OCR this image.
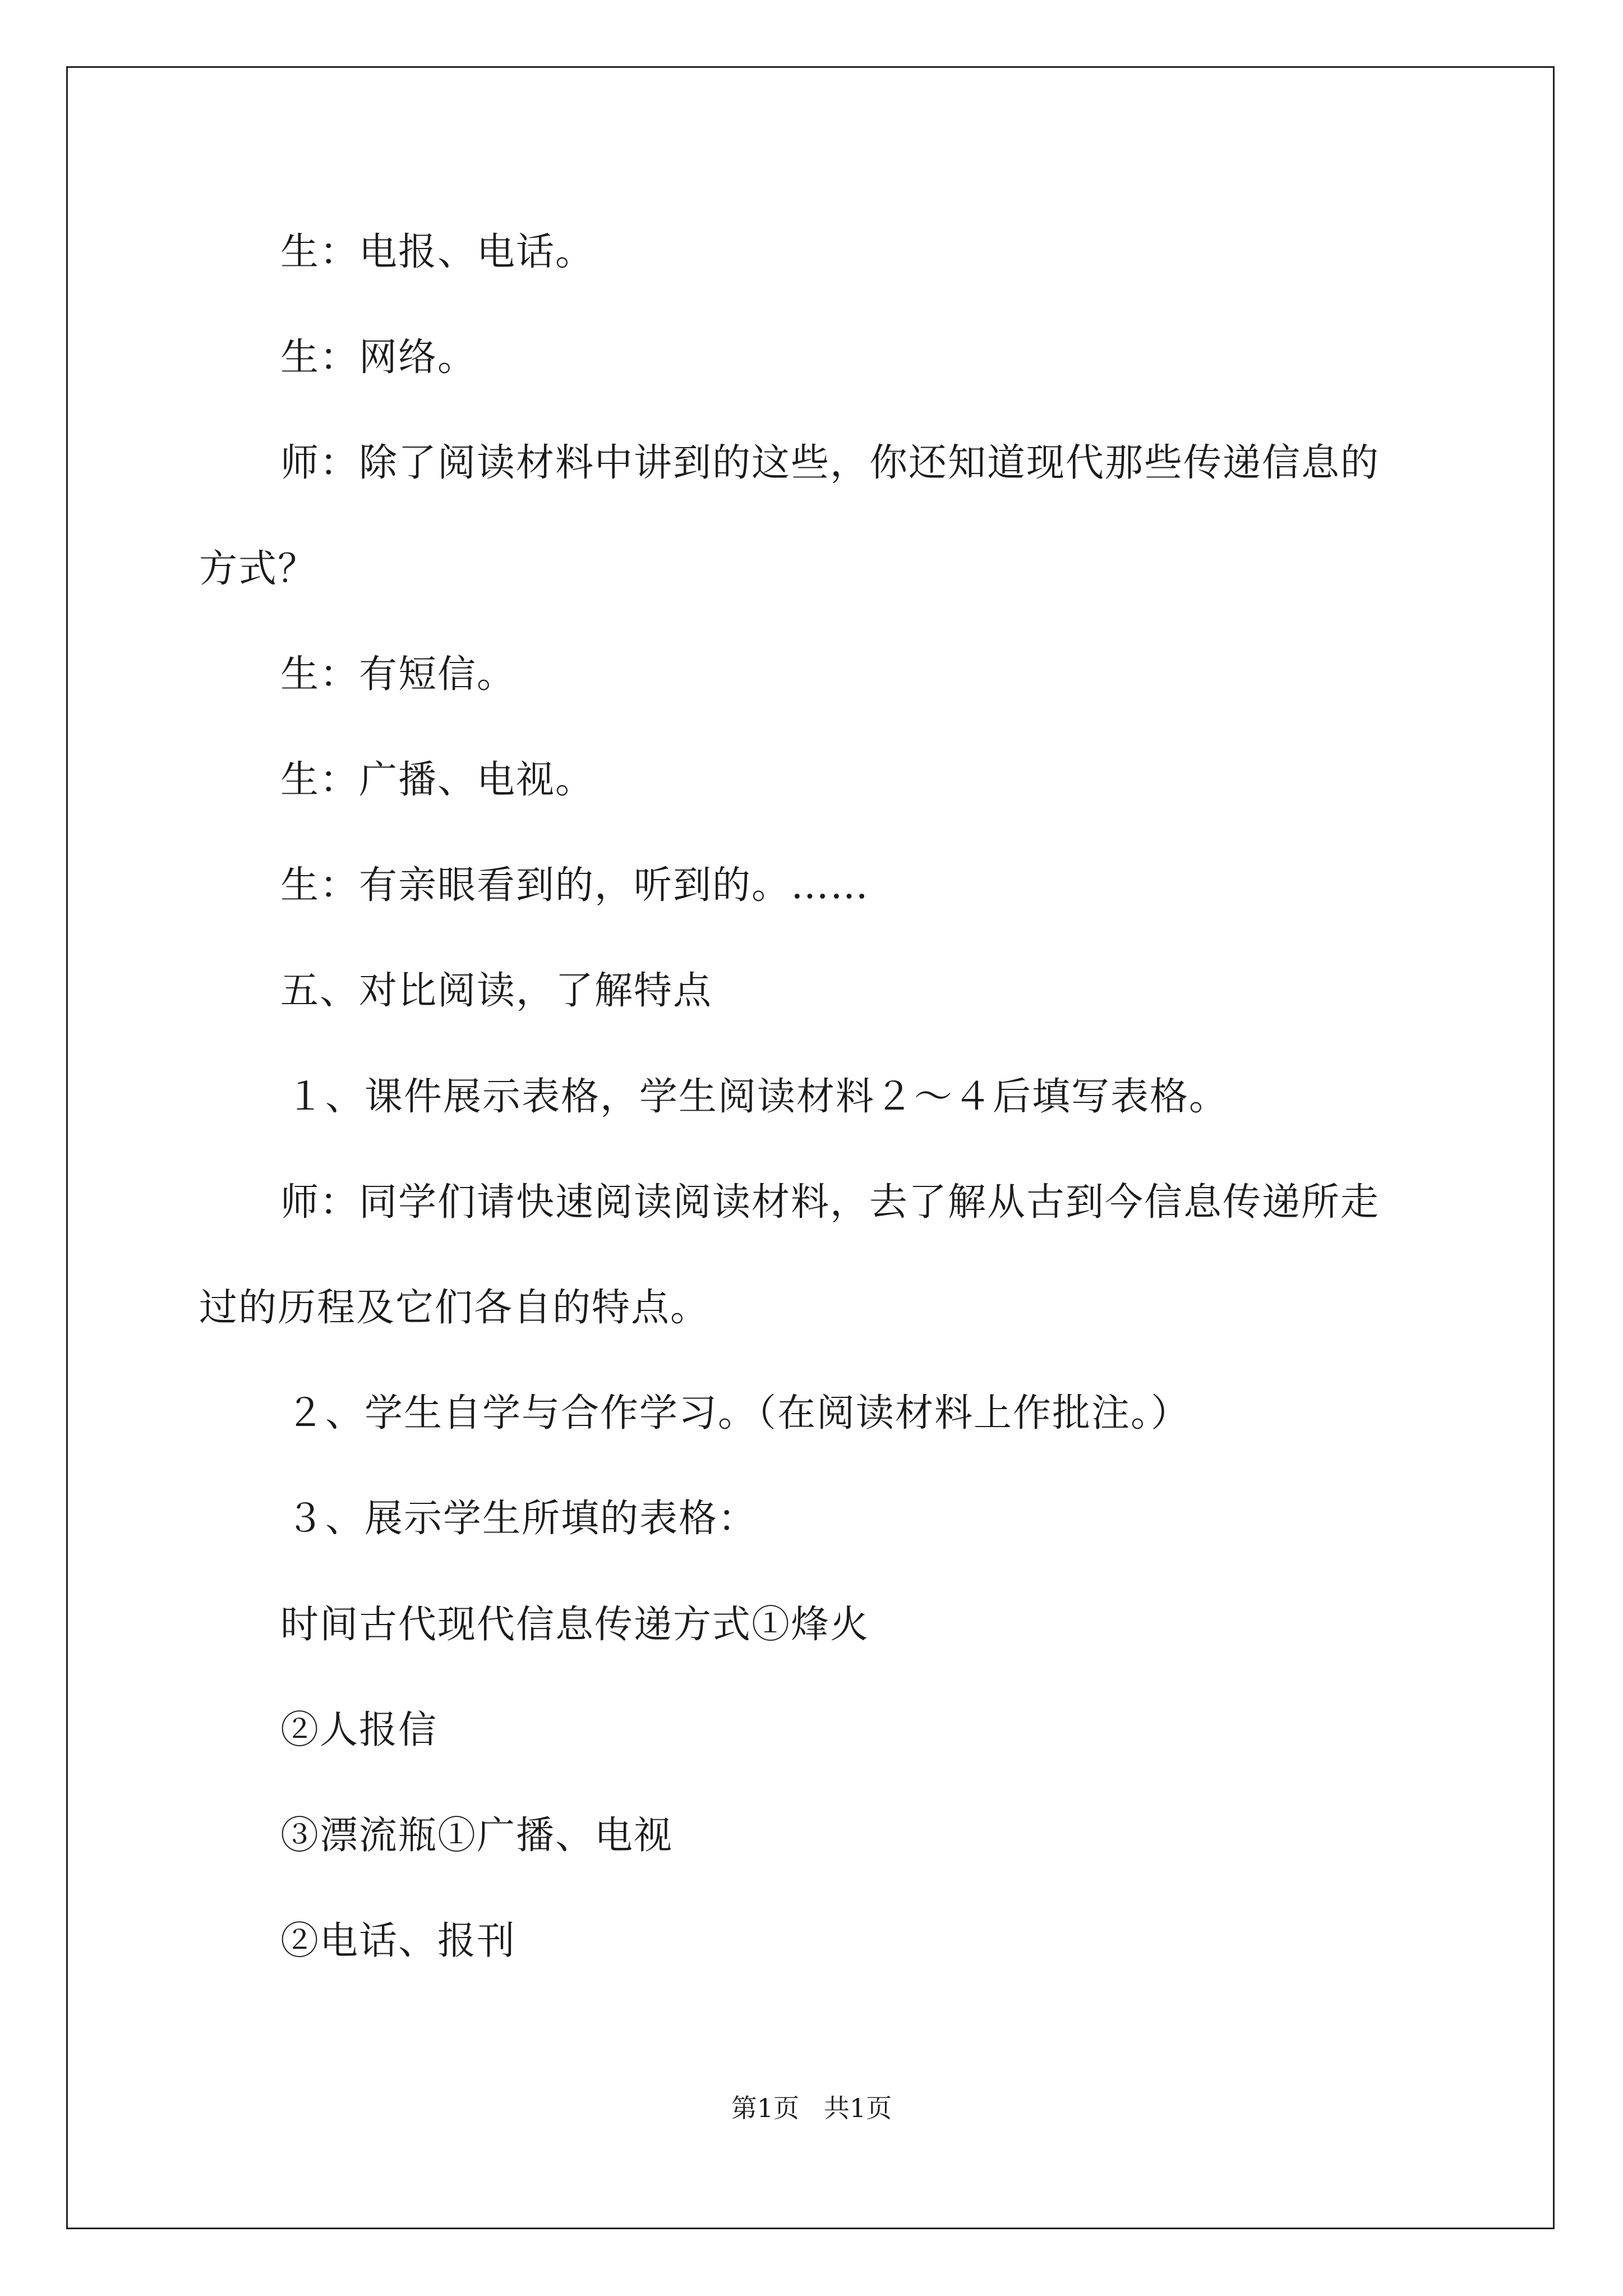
生：电报、电话。
生：网络。
师：除了阅读材料中讲到的这些，你还知道现代那些传递信息的
方式？
生：有短信。
生：广播、电视。
生：有亲眼看到的，听到的。……
五、对比阅读，了解特点
１、课件展示表格，学生阅读材料２～４后填写表格。
师：同学们请快速阅读阅读材料，去了解从古到今信息传递所走
过的历程及它们各自的特点。
２、学生自学与合作学习。（在阅读材料上作批注。）
３、展示学生所填的表格：
时间古代现代信息传递方式①烽火
②人报信
③漂流瓶①广播、电视
②电话、报刊
第1页   共1页
